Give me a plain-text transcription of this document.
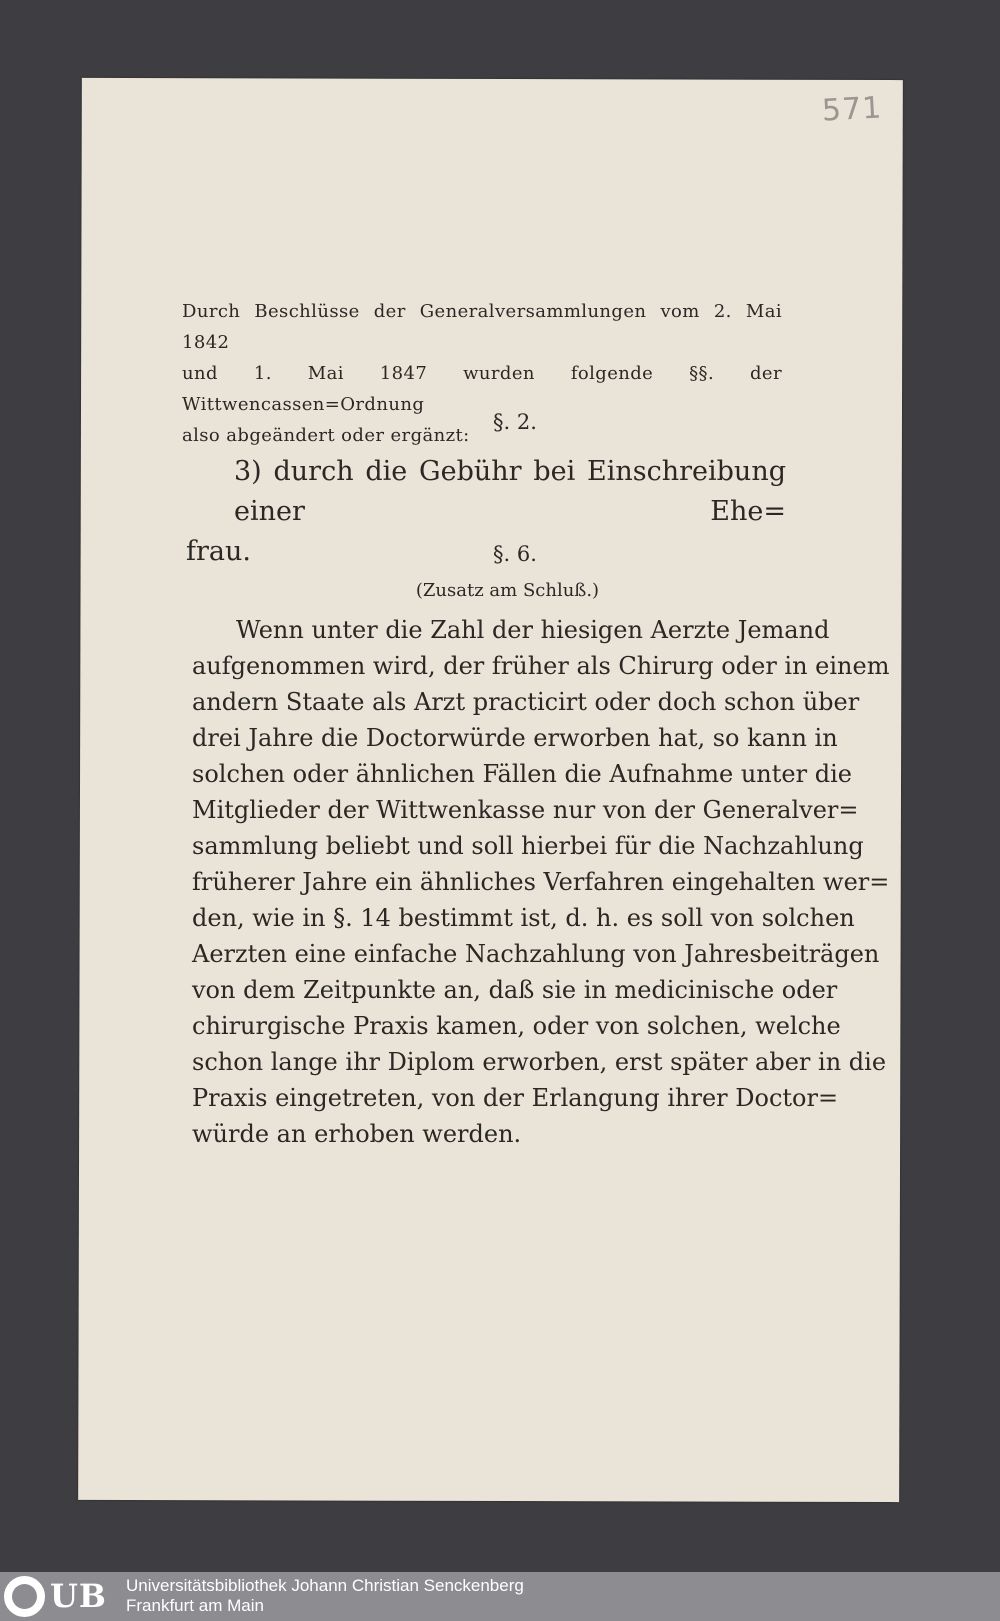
571
Durch Beschlüsse der Generalversammlungen vom 2. Mai 1842
und 1. Mai 1847 wurden folgende §§. der Wittwencassen=Ordnung
also abgeändert oder ergänzt:
§. 2.
3) durch die Gebühr bei Einschreibung einer Ehe=
frau.	§. 6.
(Zusatz am Schluß.)
Wenn unter die Zahl der hiesigen Aerzte Jemand
aufgenommen wird, der früher als Chirurg oder in einem
andern Staate als Arzt practicirt oder doch schon über
drei Jahre die Doctorwürde erworben hat, so kann in
solchen oder ähnlichen Fällen die Aufnahme unter die
Mitglieder der Wittwenkasse nur von der Generalver=
sammlung beliebt und soll hierbei für die Nachzahlung
früherer Jahre ein ähnliches Verfahren eingehalten wer=
den, wie in §. 14 bestimmt ist, d. h. es soll von solchen
Aerzten eine einfache Nachzahlung von Jahresbeiträgen
von dem Zeitpunkte an, daß sie in medicinische oder
chirurgische Praxis kamen, oder von solchen, welche
schon lange ihr Diplom erworben, erst später aber in die
Praxis eingetreten, von der Erlangung ihrer Doctor=
würde an erhoben werden.
UB Universitätsbibliothek Johann Christian Senckenberg
Frankfurt am Main
